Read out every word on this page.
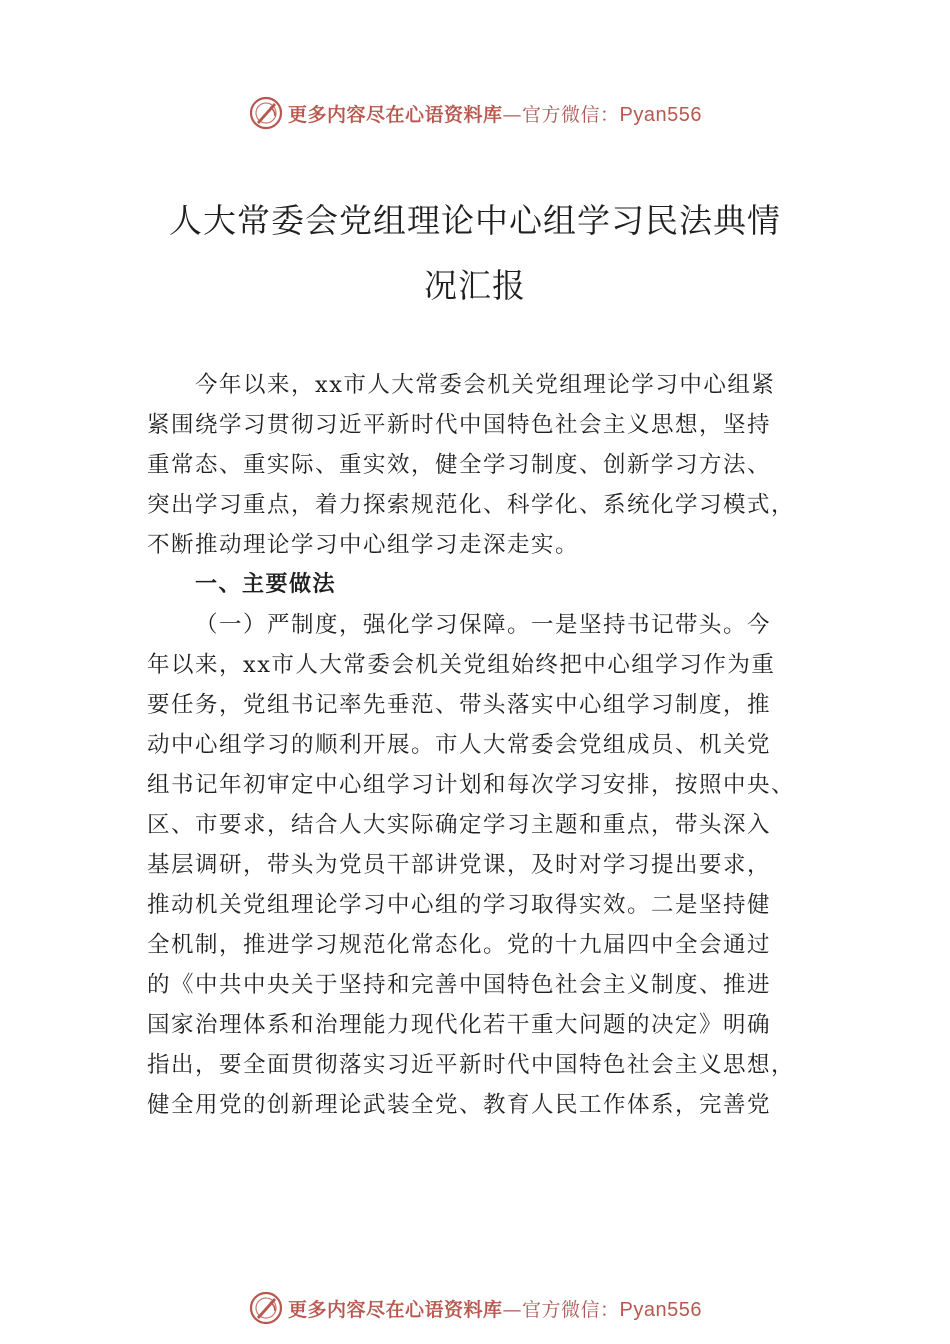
更多内容尽在心语资料库—官方微信：Pyan556
人大常委会党组理论中心组学习民法典情
况汇报
今年以来，xx市人大常委会机关党组理论学习中心组紧
紧围绕学习贯彻习近平新时代中国特色社会主义思想，坚持
重常态、重实际、重实效，健全学习制度、创新学习方法、
突出学习重点，着力探索规范化、科学化、系统化学习模式，
不断推动理论学习中心组学习走深走实。
一、主要做法
（一）严制度，强化学习保障。一是坚持书记带头。今
年以来，xx市人大常委会机关党组始终把中心组学习作为重
要任务，党组书记率先垂范、带头落实中心组学习制度，推
动中心组学习的顺利开展。市人大常委会党组成员、机关党
组书记年初审定中心组学习计划和每次学习安排，按照中央、
区、市要求，结合人大实际确定学习主题和重点，带头深入
基层调研，带头为党员干部讲党课，及时对学习提出要求，
推动机关党组理论学习中心组的学习取得实效。二是坚持健
全机制，推进学习规范化常态化。党的十九届四中全会通过
的《中共中央关于坚持和完善中国特色社会主义制度、推进
国家治理体系和治理能力现代化若干重大问题的决定》明确
指出，要全面贯彻落实习近平新时代中国特色社会主义思想，
健全用党的创新理论武装全党、教育人民工作体系，完善党
更多内容尽在心语资料库—官方微信：Pyan556
